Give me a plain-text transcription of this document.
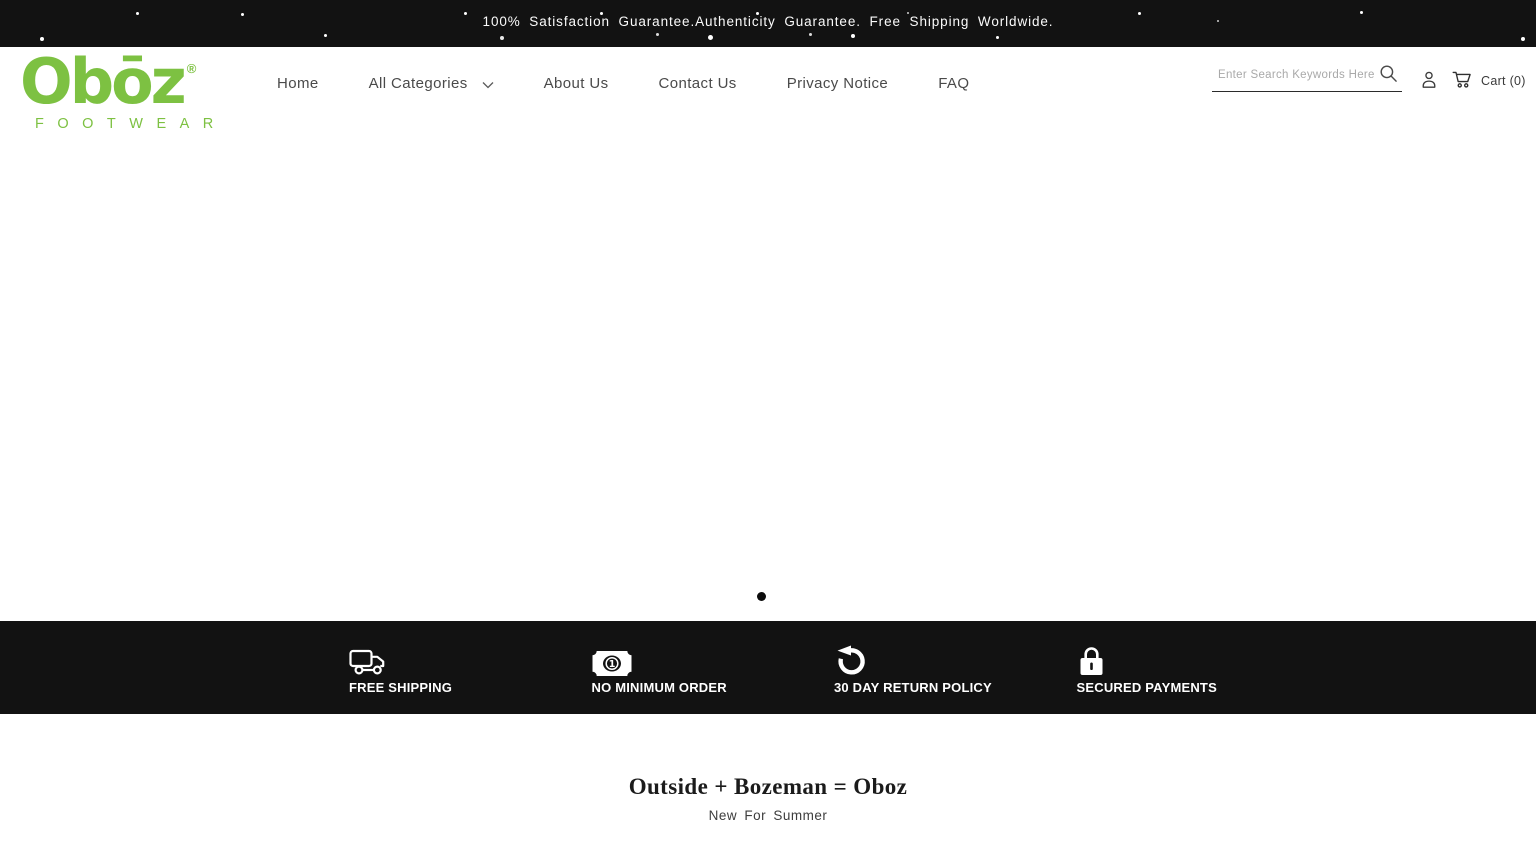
100% Satisfaction Guarantee.Authenticity Guarantee. Free Shipping Worldwide.
Obōz ®
FOOTWEAR
Home	All Categories	About Us	Contact Us	Privacy Notice	FAQ
Enter Search Keywords Here	Cart (0)
FREE SHIPPING
1
NO MINIMUM ORDER	30 DAY RETURN POLICY	SECURED PAYMENTS
Outside + Bozeman = Oboz
New For Summer
